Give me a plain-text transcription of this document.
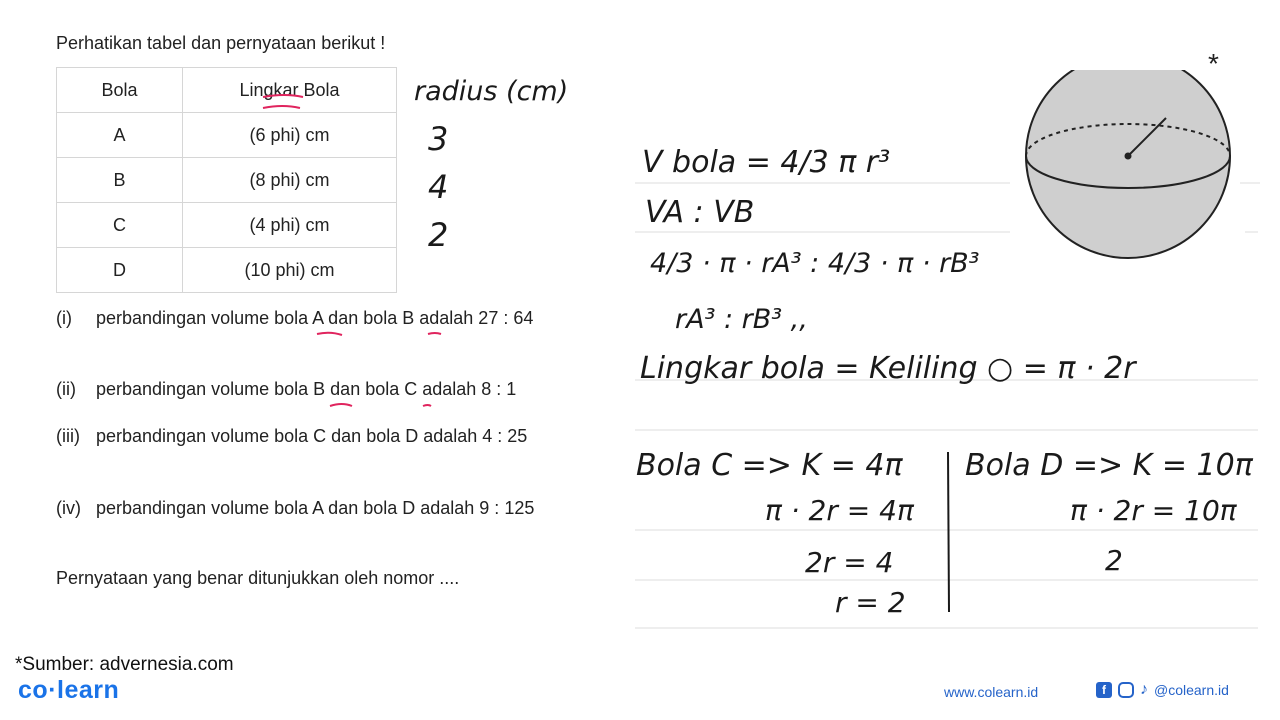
Perhatikan tabel dan pernyataan berikut !
Bola	Lingkar Bola
A	(6 phi) cm
B	(8 phi) cm
C	(4 phi) cm
D	(10 phi) cm
(i) perbandingan volume bola A dan bola B adalah 27 : 64
(ii) perbandingan volume bola B dan bola C adalah 8 : 1
(iii) perbandingan volume bola C dan bola D adalah 4 : 25
(iv) perbandingan volume bola A dan bola D adalah 9 : 125
Pernyataan yang benar ditunjukkan oleh nomor ....
*Sumber: advernesia.com
co·learn	www.colearn.id	f	♪ @colearn.id
*
radius (cm)
3
4
2
V bola = 4/3 π r³
VA : VB
4/3 · π · rA³ : 4/3 · π · rB³
rA³ : rB³ ,,
Lingkar bola = Keliling ○ = π · 2r
Bola C => K = 4π
π · 2r = 4π
2r = 4
r = 2
Bola D => K = 10π
π · 2r = 10π
2
